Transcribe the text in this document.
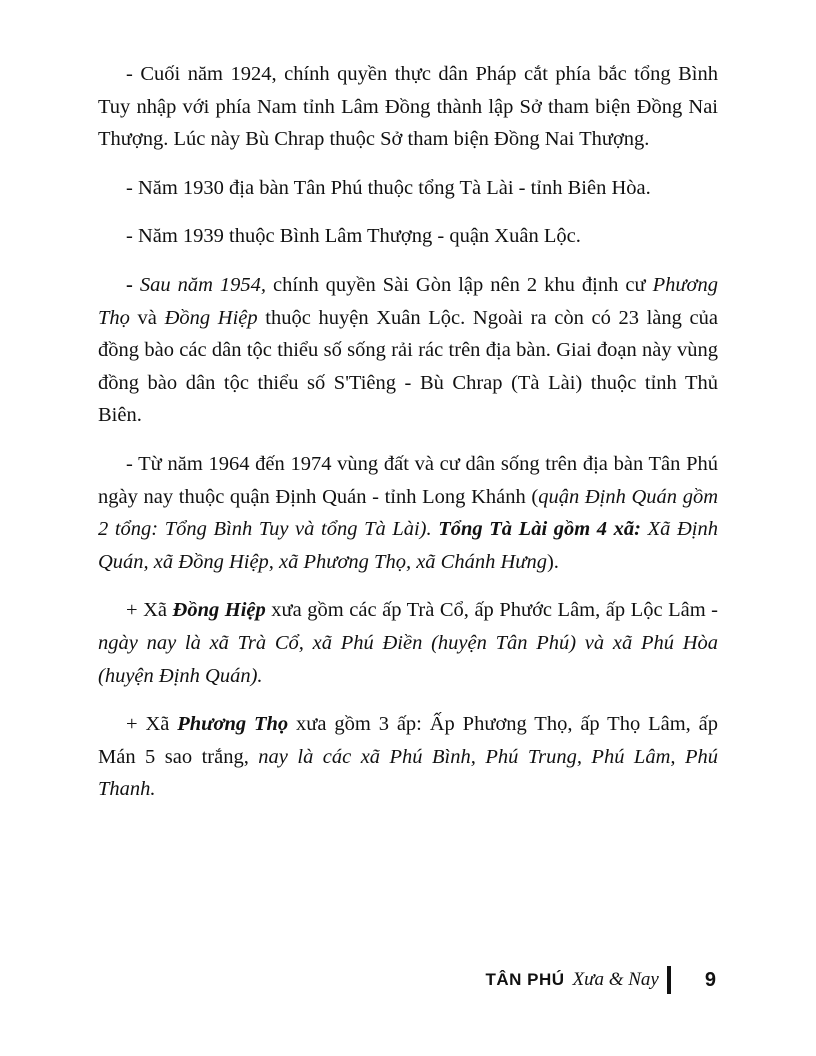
- Cuối năm 1924, chính quyền thực dân Pháp cắt phía bắc tổng Bình Tuy nhập với phía Nam tỉnh Lâm Đồng thành lập Sở tham biện Đồng Nai Thượng. Lúc này Bù Chrap thuộc Sở tham biện Đồng Nai Thượng.

- Năm 1930 địa bàn Tân Phú thuộc tổng Tà Lài - tỉnh Biên Hòa.

- Năm 1939 thuộc Bình Lâm Thượng - quận Xuân Lộc.

- Sau năm 1954, chính quyền Sài Gòn lập nên 2 khu định cư Phương Thọ và Đồng Hiệp thuộc huyện Xuân Lộc. Ngoài ra còn có 23 làng của đồng bào các dân tộc thiểu số sống rải rác trên địa bàn. Giai đoạn này vùng đồng bào dân tộc thiểu số S'Tiêng - Bù Chrap (Tà Lài) thuộc tỉnh Thủ Biên.

- Từ năm 1964 đến 1974 vùng đất và cư dân sống trên địa bàn Tân Phú ngày nay thuộc quận Định Quán - tỉnh Long Khánh (quận Định Quán gồm 2 tổng: Tổng Bình Tuy và tổng Tà Lài). Tổng Tà Lài gồm 4 xã: Xã Định Quán, xã Đồng Hiệp, xã Phương Thọ, xã Chánh Hưng).

+ Xã Đồng Hiệp xưa gồm các ấp Trà Cổ, ấp Phước Lâm, ấp Lộc Lâm - ngày nay là xã Trà Cổ, xã Phú Điền (huyện Tân Phú) và xã Phú Hòa (huyện Định Quán).

+ Xã Phương Thọ xưa gồm 3 ấp: Ấp Phương Thọ, ấp Thọ Lâm, ấp Mán 5 sao trắng, nay là các xã Phú Bình, Phú Trung, Phú Lâm, Phú Thanh.

TÂN PHÚ Xưa & Nay 9
